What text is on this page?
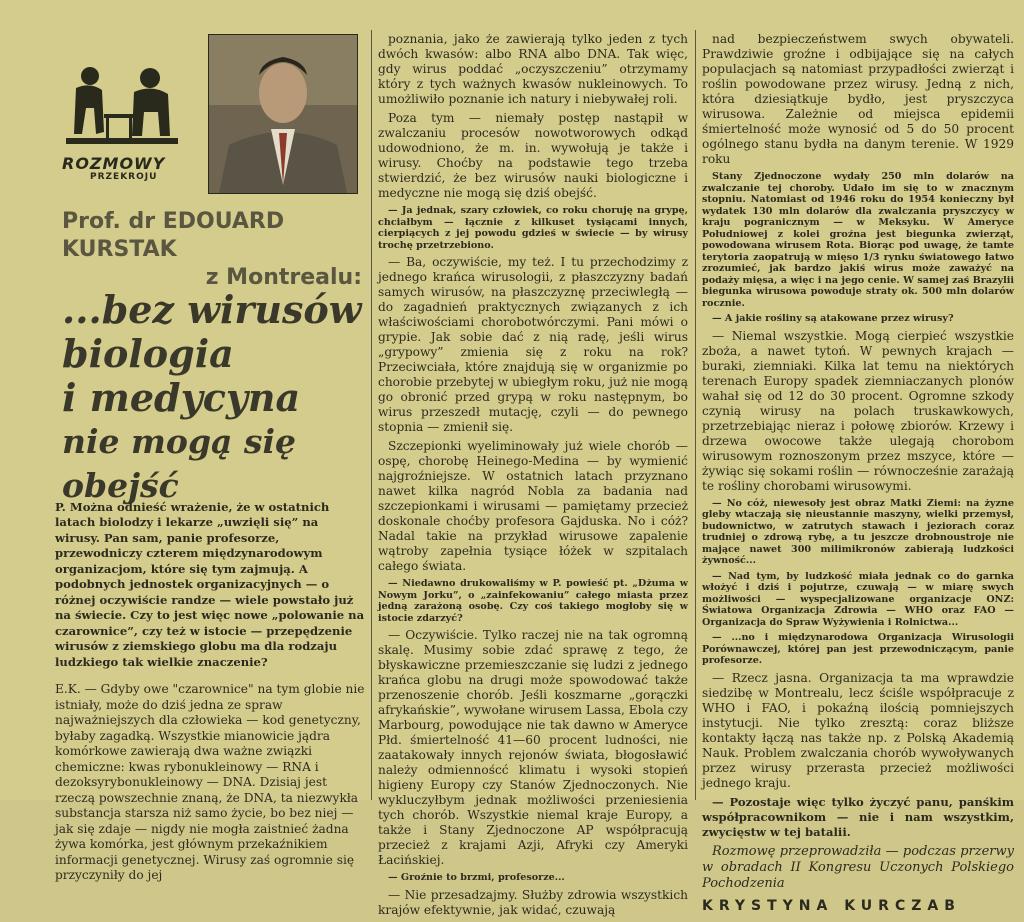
ROZMOWY
PRZEKROJU
Prof. dr EDOUARD KURSTAK
z Montrealu:
...bez wirusów
biologia
i medycyna
nie mogą się obejść

P. Można odnieść wrażenie, że w ostatnich latach biolodzy i lekarze „uwzięli się” na wirusy. Pan sam, panie profesorze, przewodniczy czterem międzynarodowym organizacjom, które się tym zajmują. A podobnych jednostek organizacyjnych — o różnej oczywiście randze — wiele powstało już na świecie. Czy to jest więc nowe „polowanie na czarownice”, czy też w istocie — przepędzenie wirusów z ziemskiego globu ma dla rodzaju ludzkiego tak wielkie znaczenie?

E.K. — Gdyby owe "czarownice" na tym globie nie istniały, może do dziś jedna ze spraw najważniejszych dla człowieka — kod genetyczny, byłaby zagadką. Wszystkie mianowicie jądra komórkowe zawierają dwa ważne związki chemiczne: kwas rybonukleinowy — RNA i dezoksyrybonukleinowy — DNA. Dzisiaj jest rzeczą powszechnie znaną, że DNA, ta niezwykła substancja starsza niż samo życie, bo bez niej — jak się zdaje — nigdy nie mogła zaistnieć żadna żywa komórka, jest głównym przekaźnikiem informacji genetycznej. Wirusy zaś ogromnie się przyczyniły do jej

poznania, jako że zawierają tylko jeden z tych dwóch kwasów: albo RNA albo DNA. Tak więc, gdy wirus poddać „oczyszczeniu” otrzymamy który z tych ważnych kwasów nukleinowych. To umożliwiło poznanie ich natury i niebywałej roli.

Poza tym — niemały postęp nastąpił w zwalczaniu procesów nowotworowych odkąd udowodniono, że m. in. wywołują je także i wirusy. Choćby na podstawie tego trzeba stwierdzić, że bez wirusów nauki biologiczne i medyczne nie mogą się dziś obejść.

— Ja jednak, szary człowiek, co roku choruję na grypę, chciałbym — łącznie z kilkuset tysiącami innych, cierpiących z jej powodu gdzieś w świecie — by wirusy trochę przetrzebiono.

— Ba, oczywiście, my też. I tu przechodzimy z jednego krańca wirusologii, z płaszczyzny badań samych wirusów, na płaszczyznę przeciwległą — do zagadnień praktycznych związanych z ich właściwościami chorobotwórczymi. Pani mówi o grypie. Jak sobie dać z nią radę, jeśli wirus „grypowy” zmienia się z roku na rok? Przeciwciała, które znajdują się w organizmie po chorobie przebytej w ubiegłym roku, już nie mogą go obronić przed grypą w roku następnym, bo wirus przeszedł mutację, czyli — do pewnego stopnia — zmienił się.

Szczepionki wyeliminowały już wiele chorób — ospę, chorobę Heinego-Medina — by wymienić najgroźniejsze. W ostatnich latach przyznano nawet kilka nagród Nobla za badania nad szczepionkami i wirusami — pamiętamy przecież doskonale choćby profesora Gajduska. No i cóż? Nadal takie na przykład wirusowe zapalenie wątroby zapełnia tysiące łóżek w szpitalach całego świata.

— Niedawno drukowaliśmy w P. powieść pt. „Dżuma w Nowym Jorku”, o „zainfekowaniu” całego miasta przez jedną zarażoną osobę. Czy coś takiego mogłoby się w istocie zdarzyć?

— Oczywiście. Tylko raczej nie na tak ogromną skalę. Musimy sobie zdać sprawę z tego, że błyskawiczne przemieszczanie się ludzi z jednego krańca globu na drugi może spowodować także przenoszenie chorób. Jeśli koszmarne „gorączki afrykańskie”, wywołane wirusem Lassa, Ebola czy Marbourg, powodujące nie tak dawno w Ameryce Płd. śmiertelność 41—60 procent ludności, nie zaatakowały innych rejonów świata, błogosławić należy odmiennoścć klimatu i wysoki stopień higieny Europy czy Stanów Zjednoczonych. Nie wykluczyłbym jednak możliwości przeniesienia tych chorób. Wszystkie niemal kraje Europy, a także i Stany Zjednoczone AP współpracują przecież z krajami Azji, Afryki czy Ameryki Łacińskiej.

— Groźnie to brzmi, profesorze...

— Nie przesadzajmy. Służby zdrowia wszystkich krajów efektywnie, jak widać, czuwają

nad bezpieczeństwem swych obywateli. Prawdziwie groźne i odbijające się na całych populacjach są natomiast przypadłości zwierząt i roślin powodowane przez wirusy. Jedną z nich, która dziesiątkuje bydło, jest pryszczyca wirusowa. Zależnie od miejsca epidemii śmiertelność może wynosić od 5 do 50 procent ogólnego stanu bydła na danym terenie. W 1929 roku

Stany Zjednoczone wydały 250 mln dolarów na zwalczanie tej choroby. Udało im się to w znacznym stopniu. Natomiast od 1946 roku do 1954 konieczny był wydatek 130 mln dolarów dla zwalczania pryszczycy w kraju pogranicznym — w Meksyku. W Ameryce Południowej z kolei groźna jest biegunka zwierząt, powodowana wirusem Rota. Biorąc pod uwagę, że tamte terytoria zaopatrują w mięso 1/3 rynku światowego łatwo zrozumieć, jak bardzo jakiś wirus może zaważyć na podaży mięsa, a więc i na jego cenie. W samej zaś Brazylii biegunka wirusowa powoduje straty ok. 500 mln dolarów rocznie.

— A jakie rośliny są atakowane przez wirusy?

— Niemal wszystkie. Mogą cierpieć wszystkie zboża, a nawet tytoń. W pewnych krajach — buraki, ziemniaki. Kilka lat temu na niektórych terenach Europy spadek ziemniaczanych plonów wahał się od 12 do 30 procent. Ogromne szkody czynią wirusy na polach truskawkowych, przetrzebiając nieraz i połowę zbiorów. Krzewy i drzewa owocowe także ulegają chorobom wirusowym roznoszonym przez mszyce, które — żywiąc się sokami roślin — równocześnie zarażają te rośliny chorobami wirusowymi.

— No cóż, niewesoły jest obraz Matki Ziemi: na żyzne gleby wtaczają się nieustannie maszyny, wielki przemysł, budownictwo, w zatrutych stawach i jeziorach coraz trudniej o zdrową rybę, a tu jeszcze drobnoustroje nie mające nawet 300 milimikronów zabierają ludzkości żywność...

— Nad tym, by ludzkość miała jednak co do garnka włożyć i dziś i pojutrze, czuwają — w miarę swych możliwości — wyspecjalizowane organizacje ONZ: Światowa Organizacja Zdrowia — WHO oraz FAO — Organizacja do Spraw Wyżywienia i Rolnictwa...

— ...no i międzynarodowa Organizacja Wirusologii Porównawczej, której pan jest przewodniczącym, panie profesorze.

— Rzecz jasna. Organizacja ta ma wprawdzie siedzibę w Montrealu, lecz ściśle współpracuje z WHO i FAO, i pokaźną ilością pomniejszych instytucji. Nie tylko zresztą: coraz bliższe kontakty łączą nas także np. z Polską Akademią Nauk. Problem zwalczania chorób wywoływanych przez wirusy przerasta przecież możliwości jednego kraju.

— Pozostaje więc tylko życzyć panu, panśkim współpracownikom — nie i nam wszystkim, zwycięstw w tej batalii.

Rozmowę przeprowadziła — podczas przerwy w obradach II Kongresu Uczonych Polskiego Pochodzenia

KRYSTYNA KURCZAB
